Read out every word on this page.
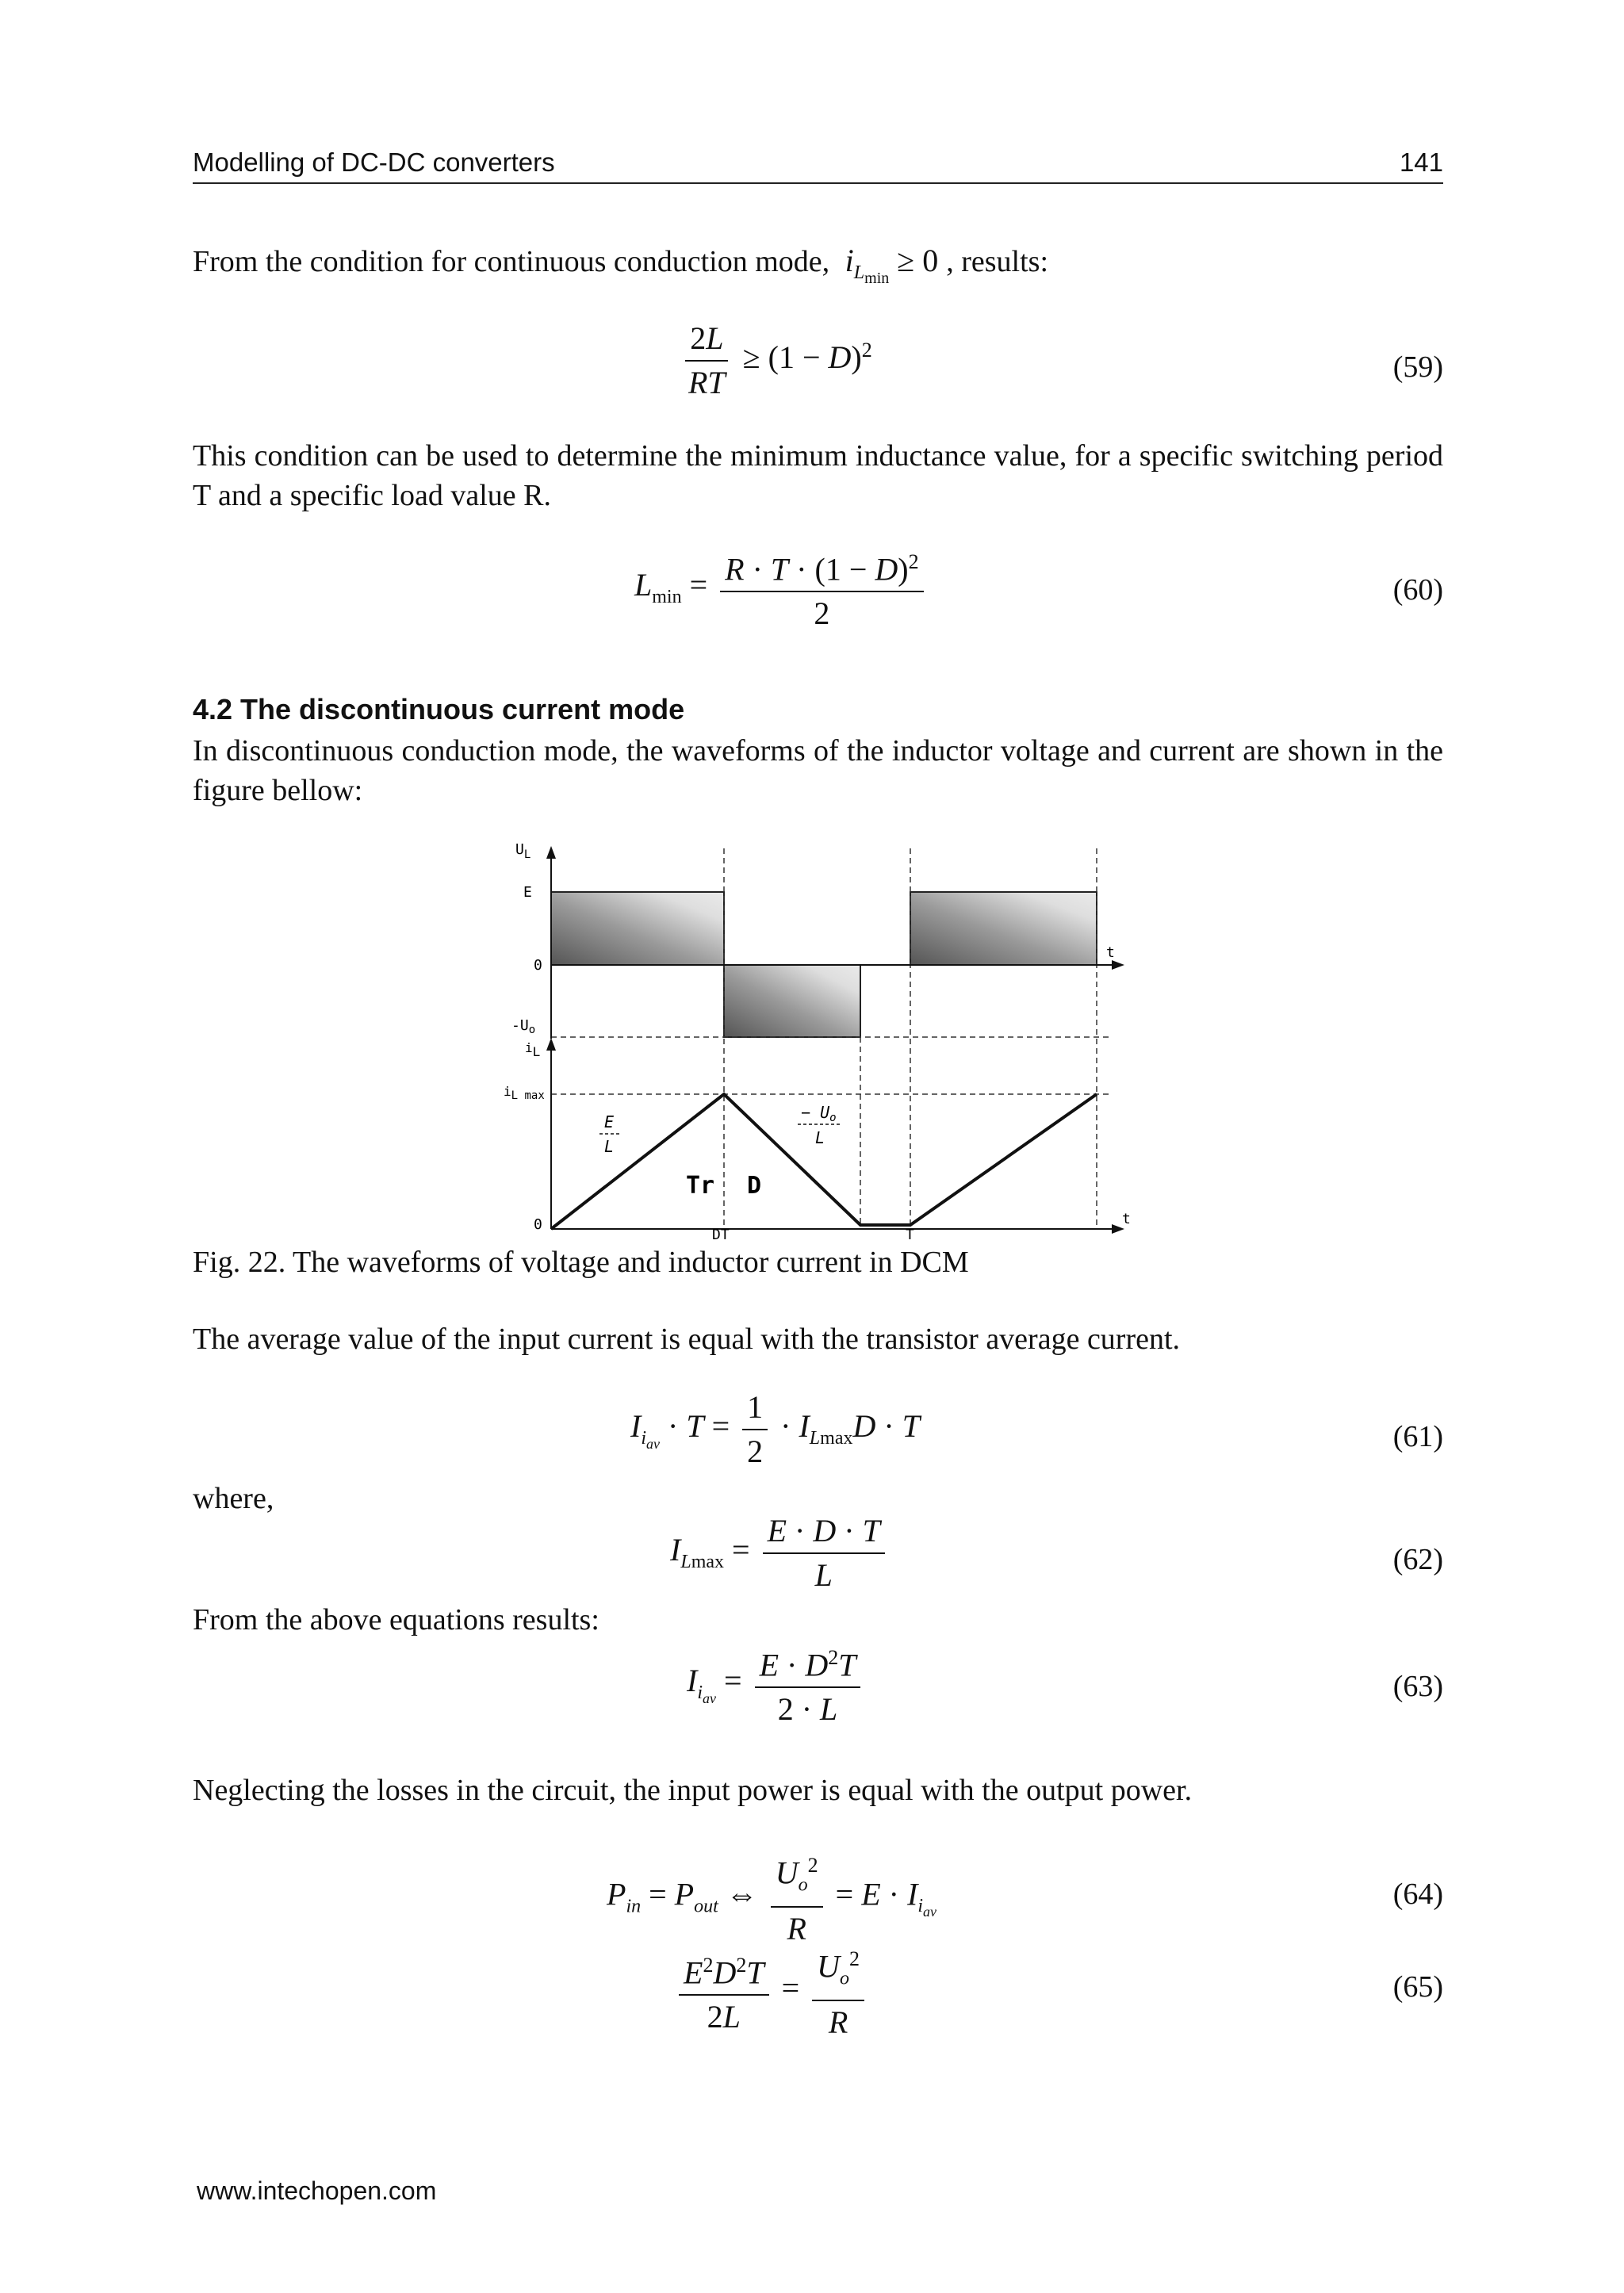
Modelling of DC-DC converters	141
From the condition for continuous conduction mode, $i_{L_{min}} \ge 0$ , results:
$\frac{2L}{RT} \ge (1 - D)^2$
(59)
This condition can be used to determine the minimum inductance value, for a specific switching period T and a specific load value R.
$L_{min} = \frac{R \cdot T \cdot (1 - D)^2}{2}$	(60)
4.2 The discontinuous current mode
In discontinuous conduction mode, the waveforms of the inductor voltage and current are shown in the figure bellow:
$U_L$
E
0
t
$-U_o$
iL
iL max
E
L
− $U_o$
L
Tr D
0
DT	T
t
Fig. 22. The waveforms of voltage and inductor current in DCM
The average value of the input current is equal with the transistor average current.
$I_{i_{av}} \cdot T = \frac{1}{2} \cdot I_{Lmax}D \cdot T$	(61)
where,
$I_{Lmax} = \frac{E \cdot D \cdot T}{L}$	(62)
From the above equations results:
$I_{i_{av}} = \frac{E \cdot D^2T}{2 \cdot L}$	(63)
Neglecting the losses in the circuit, the input power is equal with the output power.
$P_{in} = P_{out}$ ⇔ $\frac{U_o^2}{R} = E \cdot I_{i_{av}}$
(64)
$\frac{E^2D^2T}{2L} = \frac{U_o^2}{R}$	(65)
www.intechopen.com
